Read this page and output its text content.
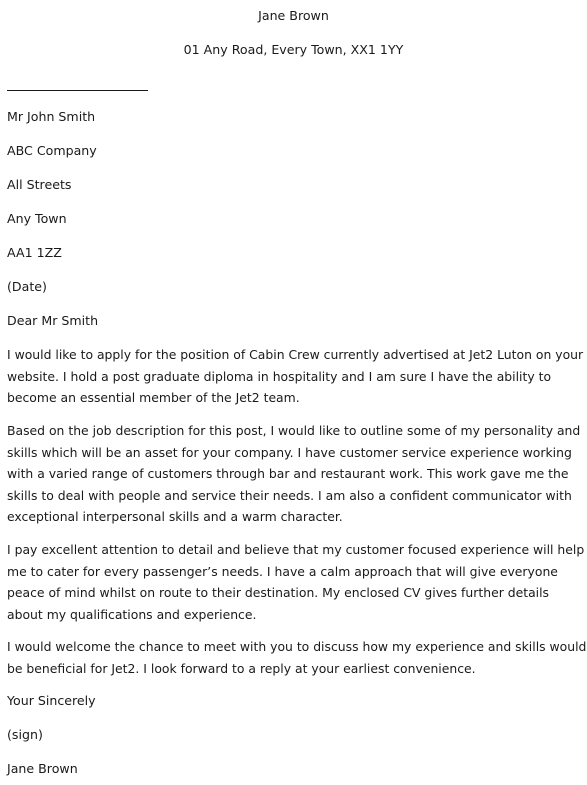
Jane Brown
01 Any Road, Every Town, XX1 1YY
Mr John Smith
ABC Company
All Streets
Any Town
AA1 1ZZ
(Date)
Dear Mr Smith

I would like to apply for the position of Cabin Crew currently advertised at Jet2 Luton on your
website. I hold a post graduate diploma in hospitality and I am sure I have the ability to
become an essential member of the Jet2 team.

Based on the job description for this post, I would like to outline some of my personality and
skills which will be an asset for your company. I have customer service experience working
with a varied range of customers through bar and restaurant work. This work gave me the
skills to deal with people and service their needs. I am also a confident communicator with
exceptional interpersonal skills and a warm character.

I pay excellent attention to detail and believe that my customer focused experience will help
me to cater for every passenger’s needs. I have a calm approach that will give everyone
peace of mind whilst on route to their destination. My enclosed CV gives further details
about my qualifications and experience.

I would welcome the chance to meet with you to discuss how my experience and skills would
be beneficial for Jet2. I look forward to a reply at your earliest convenience.

Your Sincerely
(sign)
Jane Brown
